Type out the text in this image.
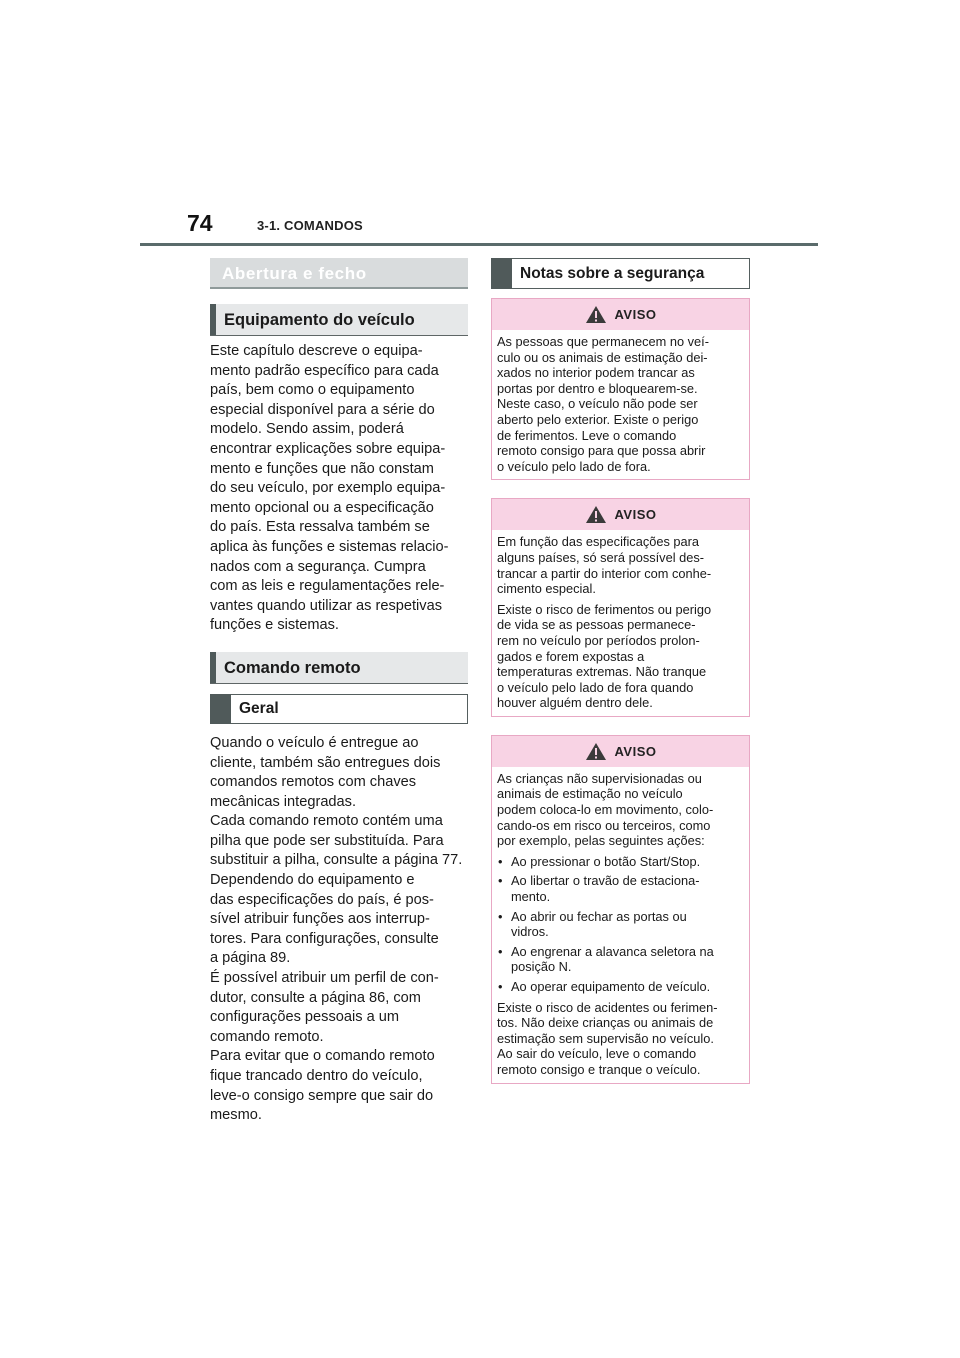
74	3-1. COMANDOS
Abertura e fecho
Equipamento do veículo

Este capítulo descreve o equipa-
mento padrão específico para cada
país, bem como o equipamento
especial disponível para a série do
modelo. Sendo assim, poderá
encontrar explicações sobre equipa-
mento e funções que não constam
do seu veículo, por exemplo equipa-
mento opcional ou a especificação
do país. Esta ressalva também se
aplica às funções e sistemas relacio-
nados com a segurança. Cumpra
com as leis e regulamentações rele-
vantes quando utilizar as respetivas
funções e sistemas.

Comando remoto
Geral

Quando o veículo é entregue ao
cliente, também são entregues dois
comandos remotos com chaves
mecânicas integradas.
Cada comando remoto contém uma
pilha que pode ser substituída. Para
substituir a pilha, consulte a página 77.
Dependendo do equipamento e
das especificações do país, é pos-
sível atribuir funções aos interrup-
tores. Para configurações, consulte
a página 89.
É possível atribuir um perfil de con-
dutor, consulte a página 86, com
configurações pessoais a um
comando remoto.
Para evitar que o comando remoto
fique trancado dentro do veículo,
leve-o consigo sempre que sair do
mesmo.

Notas sobre a segurança
AVISO

As pessoas que permanecem no veí-
culo ou os animais de estimação dei-
xados no interior podem trancar as
portas por dentro e bloquearem-se.
Neste caso, o veículo não pode ser
aberto pelo exterior. Existe o perigo
de ferimentos. Leve o comando
remoto consigo para que possa abrir
o veículo pelo lado de fora.

AVISO

Em função das especificações para
alguns países, só será possível des-
trancar a partir do interior com conhe-
cimento especial.

Existe o risco de ferimentos ou perigo
de vida se as pessoas permanece-
rem no veículo por períodos prolon-
gados e forem expostas a
temperaturas extremas. Não tranque
o veículo pelo lado de fora quando
houver alguém dentro dele.

AVISO

As crianças não supervisionadas ou
animais de estimação no veículo
podem coloca-lo em movimento, colo-
cando-os em risco ou terceiros, como
por exemplo, pelas seguintes ações:

• Ao pressionar o botão Start/Stop.
• Ao libertar o travão de estaciona-
mento.
• Ao abrir ou fechar as portas ou
vidros.
• Ao engrenar a alavanca seletora na
posição N.
• Ao operar equipamento de veículo.

Existe o risco de acidentes ou ferimen-
tos. Não deixe crianças ou animais de
estimação sem supervisão no veículo.
Ao sair do veículo, leve o comando
remoto consigo e tranque o veículo.
